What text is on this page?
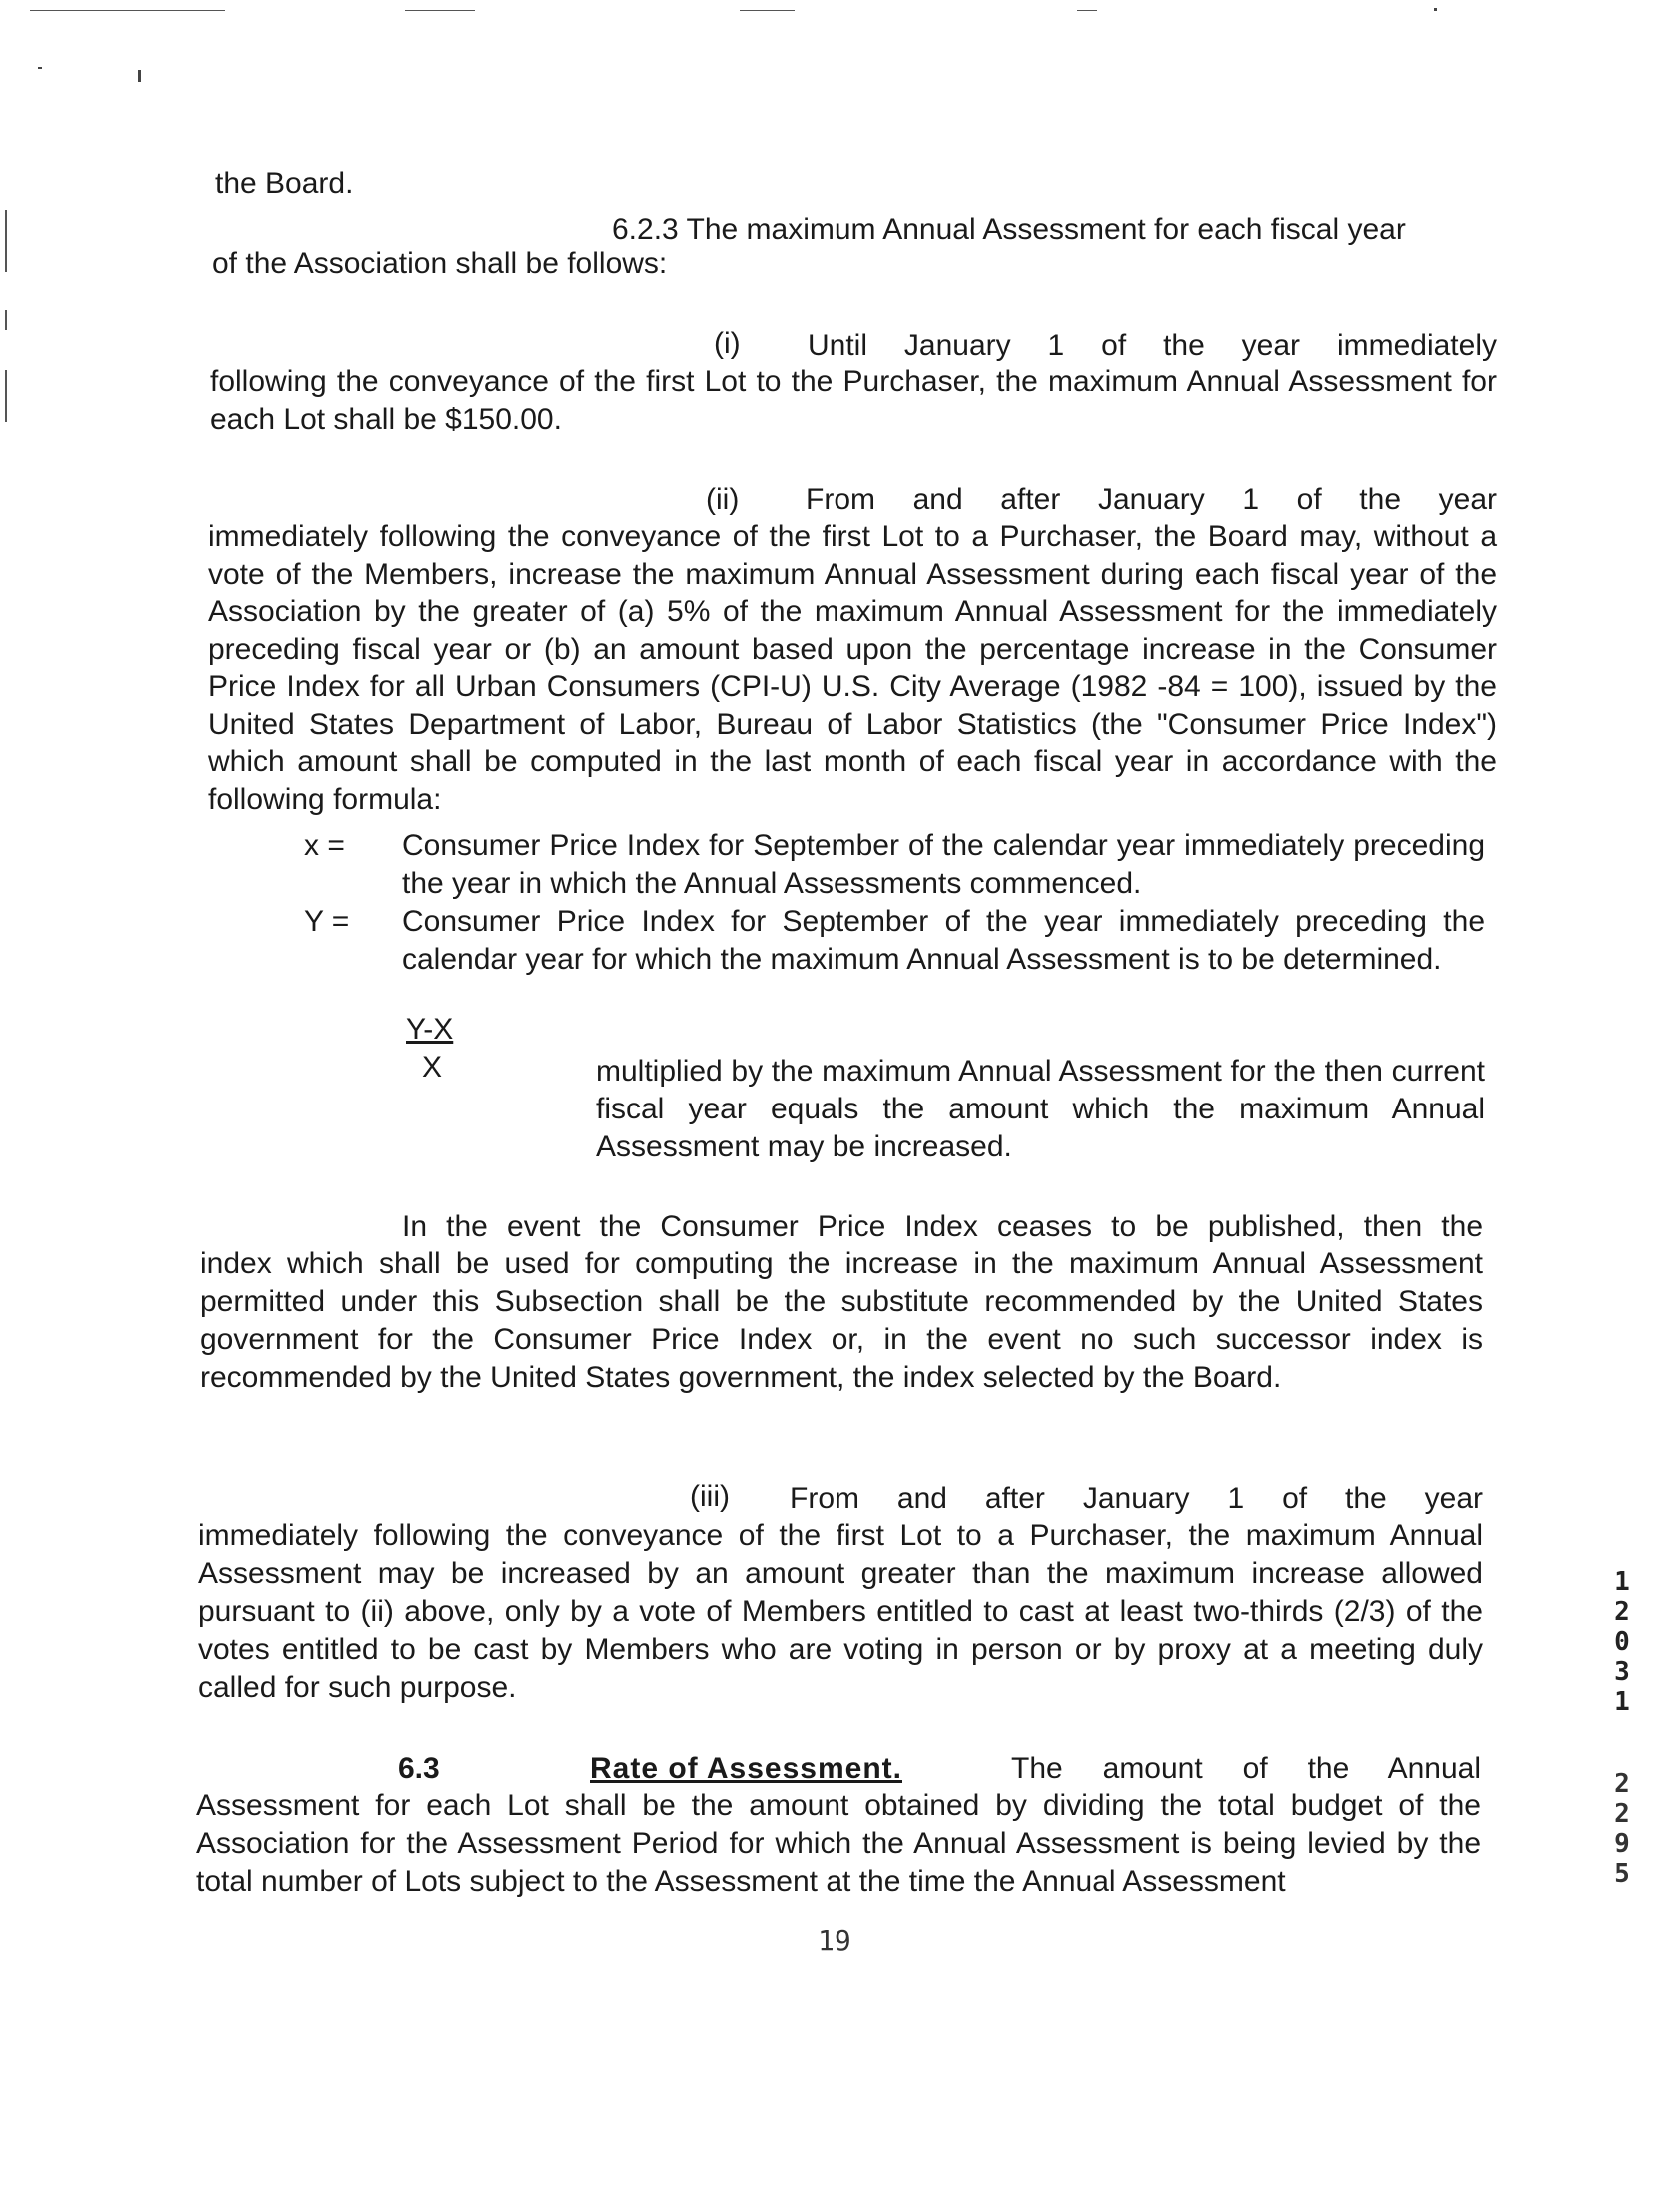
the Board.
6.2.3 The maximum Annual Assessment for each fiscal year
of the Association shall be follows:
(i) Until January 1 of the year immediately
following the conveyance of the first Lot to the Purchaser, the maximum Annual Assessment for each Lot shall be $150.00.
(ii) From and after January 1 of the year
immediately following the conveyance of the first Lot to a Purchaser, the Board may, without a vote of the Members, increase the maximum Annual Assessment during each fiscal year of the Association by the greater of (a) 5% of the maximum Annual Assessment for the immediately preceding fiscal year or (b) an amount based upon the percentage increase in the Consumer Price Index for all Urban Consumers (CPI-U) U.S. City Average (1982 -84 = 100), issued by the United States Department of Labor, Bureau of Labor Statistics (the "Consumer Price Index") which amount shall be computed in the last month of each fiscal year in accordance with the following formula:
x = Consumer Price Index for September of the calendar year immediately preceding the year in which the Annual Assessments commenced.
Y = Consumer Price Index for September of the year immediately preceding the calendar year for which the maximum Annual Assessment is to be determined.
Y-X
X	multiplied by the maximum Annual Assessment for the then current fiscal year equals the amount which the maximum Annual Assessment may be increased.
In the event the Consumer Price Index ceases to be published, then the
index which shall be used for computing the increase in the maximum Annual Assessment permitted under this Subsection shall be the substitute recommended by the United States government for the Consumer Price Index or, in the event no such successor index is recommended by the United States government, the index selected by the Board.
(iii) From and after January 1 of the year
immediately following the conveyance of the first Lot to a Purchaser, the maximum Annual Assessment may be increased by an amount greater than the maximum increase allowed pursuant to (ii) above, only by a vote of Members entitled to cast at least two-thirds (2/3) of the votes entitled to be cast by Members who are voting in person or by proxy at a meeting duly called for such purpose.
6.3	Rate of Assessment.	The amount of the Annual
Assessment for each Lot shall be the amount obtained by dividing the total budget of the Association for the Assessment Period for which the Annual Assessment is being levied by the total number of Lots subject to the Assessment at the time the Annual Assessment
19
1 2 0 3 1
2 2 9 5
